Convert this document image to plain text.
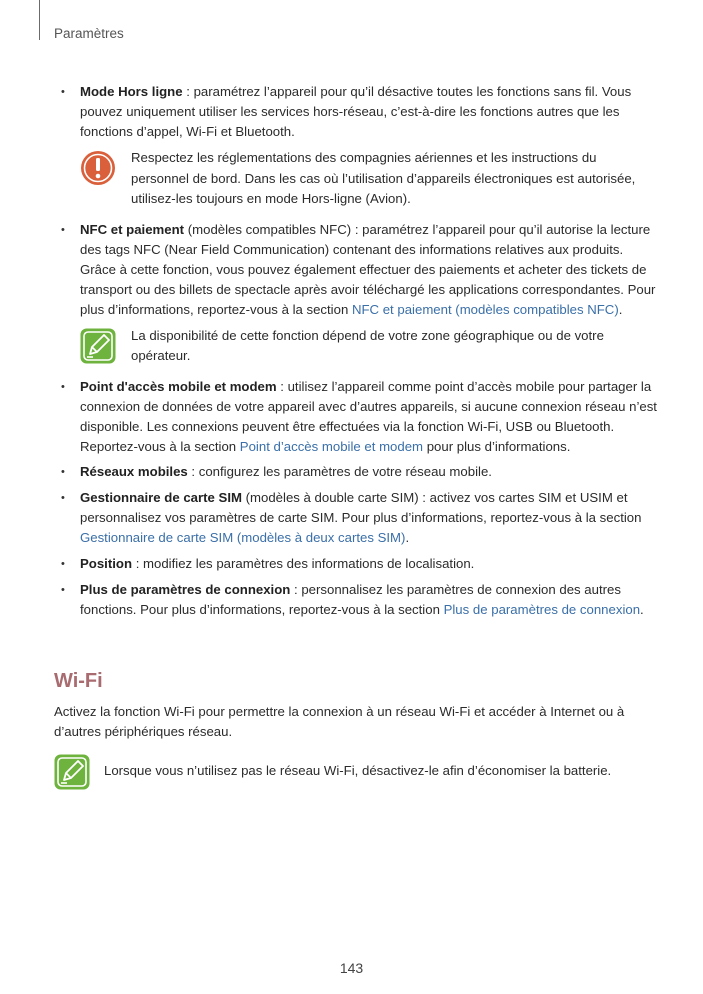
Paramètres
• Mode Hors ligne : paramétrez l’appareil pour qu’il désactive toutes les fonctions sans fil. Vous pouvez uniquement utiliser les services hors-réseau, c’est-à-dire les fonctions autres que les fonctions d’appel, Wi-Fi et Bluetooth.
Respectez les réglementations des compagnies aériennes et les instructions du personnel de bord. Dans les cas où l’utilisation d’appareils électroniques est autorisée, utilisez-les toujours en mode Hors-ligne (Avion).
• NFC et paiement (modèles compatibles NFC) : paramétrez l’appareil pour qu’il autorise la lecture des tags NFC (Near Field Communication) contenant des informations relatives aux produits. Grâce à cette fonction, vous pouvez également effectuer des paiements et acheter des tickets de transport ou des billets de spectacle après avoir téléchargé les applications correspondantes. Pour plus d’informations, reportez-vous à la section NFC et paiement (modèles compatibles NFC).
La disponibilité de cette fonction dépend de votre zone géographique ou de votre opérateur.
• Point d'accès mobile et modem : utilisez l’appareil comme point d’accès mobile pour partager la connexion de données de votre appareil avec d’autres appareils, si aucune connexion réseau n’est disponible. Les connexions peuvent être effectuées via la fonction Wi-Fi, USB ou Bluetooth. Reportez-vous à la section Point d’accès mobile et modem pour plus d’informations.
• Réseaux mobiles : configurez les paramètres de votre réseau mobile.
• Gestionnaire de carte SIM (modèles à double carte SIM) : activez vos cartes SIM et USIM et personnalisez vos paramètres de carte SIM. Pour plus d’informations, reportez-vous à la section Gestionnaire de carte SIM (modèles à deux cartes SIM).
• Position : modifiez les paramètres des informations de localisation.
• Plus de paramètres de connexion : personnalisez les paramètres de connexion des autres fonctions. Pour plus d’informations, reportez-vous à la section Plus de paramètres de connexion.
Wi-Fi
Activez la fonction Wi-Fi pour permettre la connexion à un réseau Wi-Fi et accéder à Internet ou à d’autres périphériques réseau.
Lorsque vous n’utilisez pas le réseau Wi-Fi, désactivez-le afin d’économiser la batterie.
143
